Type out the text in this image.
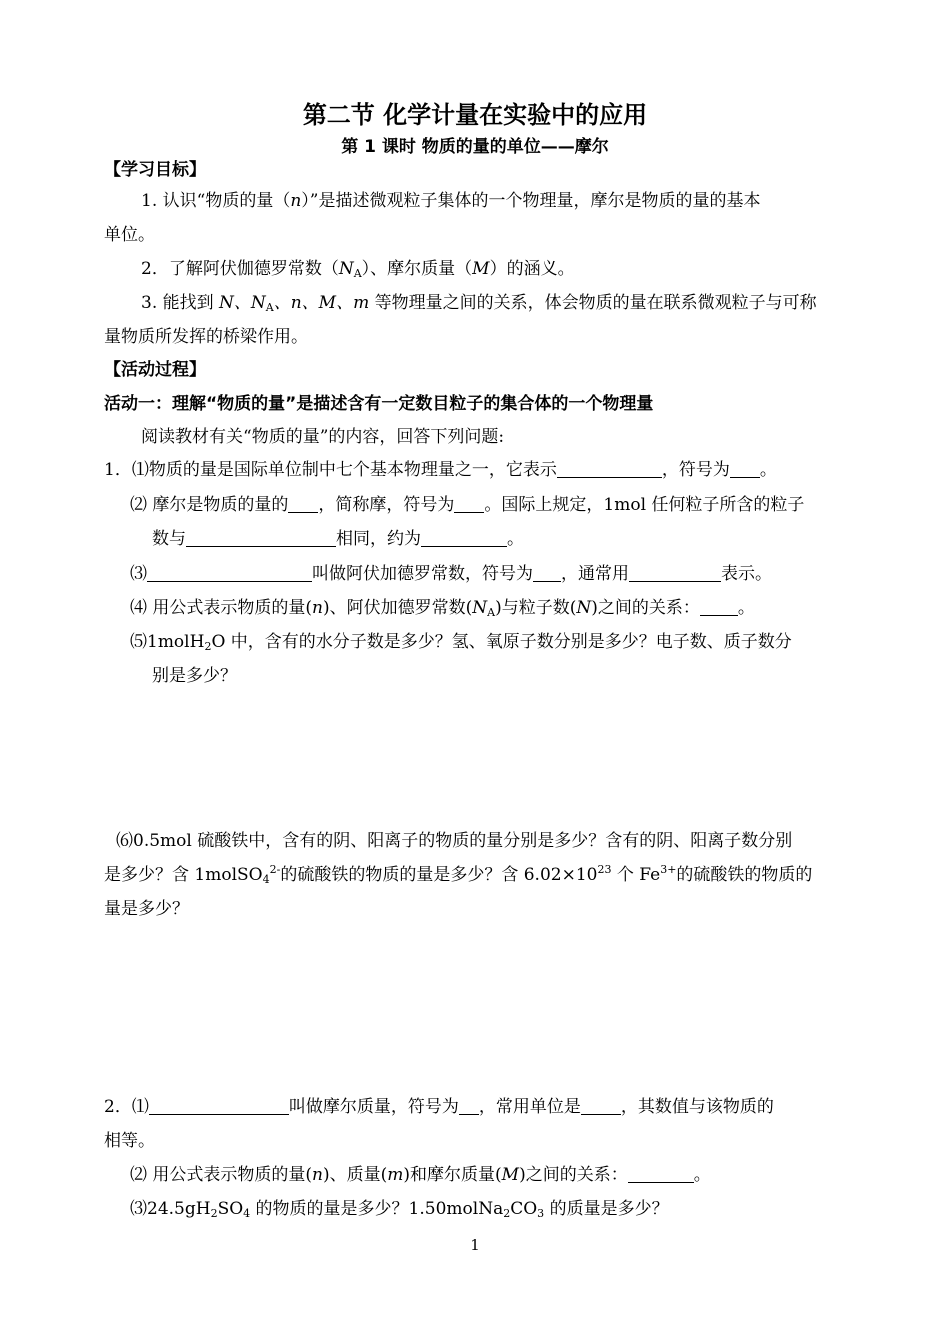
第二节 化学计量在实验中的应用
第 1 课时 物质的量的单位——摩尔
【学习目标】
1. 认识“物质的量（n）”是描述微观粒子集体的一个物理量，摩尔是物质的量的基本
单位。
2．了解阿伏伽德罗常数$(N_A)$、摩尔质量（M）的涵义。
3. 能找到 N、$N_A$、n、M、m 等物理量之间的关系，体会物质的量在联系微观粒子与可称
量物质所发挥的桥梁作用。
【活动过程】
活动一：理解“物质的量”是描述含有一定数目粒子的集合体的一个物理量
阅读教材有关“物质的量”的内容，回答下列问题:
1．⑴物质的量是国际单位制中七个基本物理量之一，它表示	，符号为 。
⑵ 摩尔是物质的量的 ，简称摩，符号为 。国际上规定，1mol 任何粒子所含的粒子
数与	相同，约为	。
⑶	叫做阿伏加德罗常数，符号为 ，通常用	表示。
⑷ 用公式表示物质的量(n)、阿伏加德罗常数$(N_A)$与粒子数(N)之间的关系： 。
⑸1molH$_2$O 中，含有的水分子数是多少？氢、氧原子数分别是多少？电子数、质子数分
别是多少？
⑹0.5mol 硫酸铁中，含有的阴、阳离子的物质的量分别是多少？含有的阴、阳离子数分别
是多少？含 1molSO$_4^{2-}$的硫酸铁的物质的量是多少？含 $6.02\times 10^{23}$ 个 $Fe^{3+}$的硫酸铁的物质的
量是多少？
2．⑴	叫做摩尔质量，符号为 ，常用单位是 ，其数值与该物质的
相等。
⑵ 用公式表示物质的量(n)、质量(m)和摩尔质量(M)之间的关系：	。
$⑶24.5gH_2SO_4$ 的物质的量是多少？$1.50molNa_2CO_3$ 的质量是多少？
1
